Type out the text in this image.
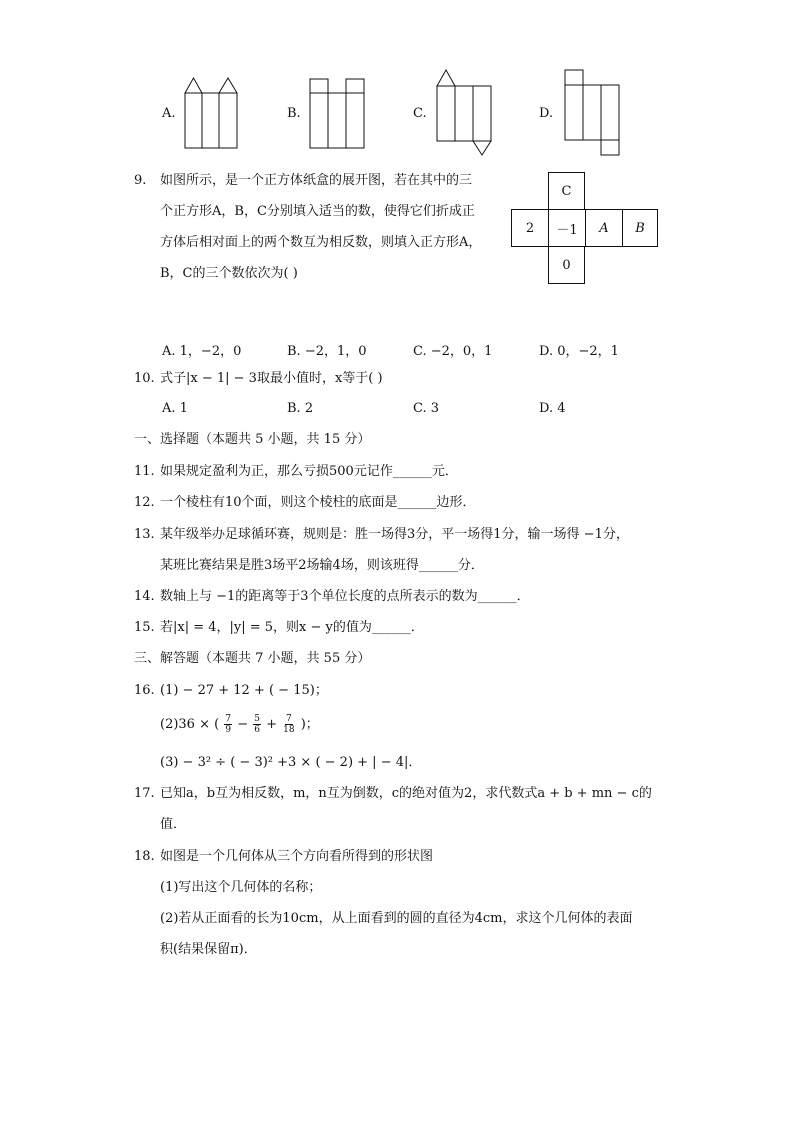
A.	B.	C.	D.
9. 如图所示，是一个正方体纸盒的展开图，若在其中的三
个正方形A，B，C分别填入适当的数，使得它们折成正
方体后相对面上的两个数互为相反数，则填入正方形A，
B，C的三个数依次为( )
C
2	－1	A	B
0
A. 1，−2，0	B. −2，1，0	C. −2，0，1	D. 0，−2，1
10. 式子|x − 1| − 3取最小值时，x等于( )
A. 1	B. 2	C. 3	D. 4
一、选择题（本题共 5 小题，共 15 分）
11. 如果规定盈利为正，那么亏损500元记作______元．
12. 一个棱柱有10个面，则这个棱柱的底面是______边形．
13. 某年级举办足球循环赛，规则是：胜一场得3分，平一场得1分，输一场得 −1分，
某班比赛结果是胜3场平2场输4场，则该班得______分．
14. 数轴上与 −1的距离等于3个单位长度的点所表示的数为______．
15. 若|x| = 4，|y| = 5，则x − y的值为______．
三、解答题（本题共 7 小题，共 55 分）
16. (1) − 27 + 12 + ( − 15)；
(2)36 × ( $\frac{7}{9} - \frac{5}{6} + \frac{7}{18}$ )；
(3) − 3² ÷ ( − 3)² +3 × ( − 2) + | − 4|．
17. 已知a，b互为相反数，m，n互为倒数，c的绝对值为2，求代数式a + b + mn − c的
值．
18. 如图是一个几何体从三个方向看所得到的形状图
(1)写出这个几何体的名称；
(2)若从正面看的长为10cm，从上面看到的圆的直径为4cm，求这个几何体的表面
积(结果保留π)．
